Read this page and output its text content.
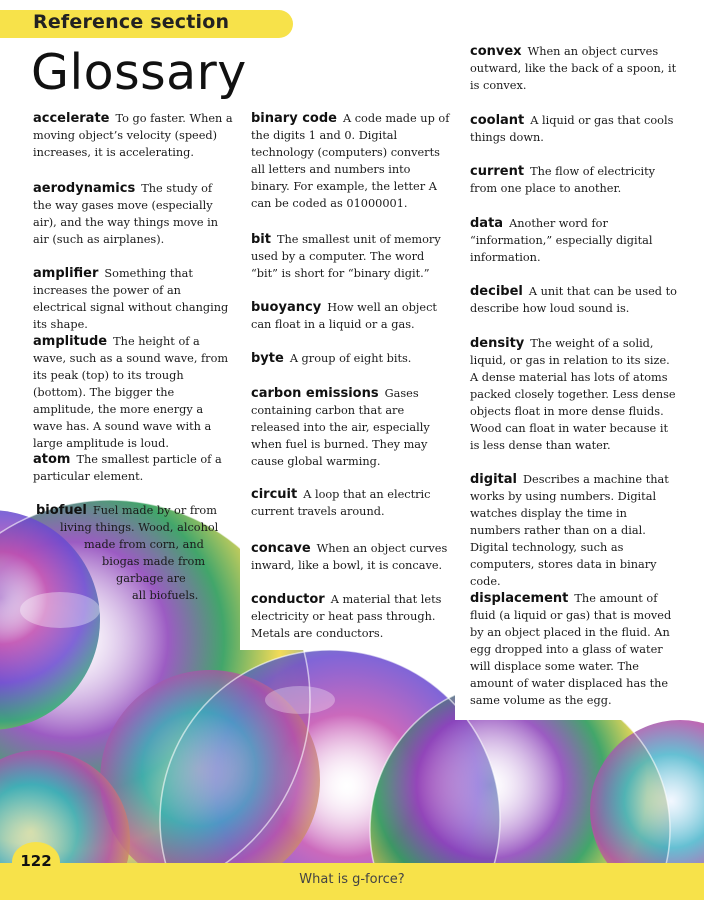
Reference section
Glossary

accelerate To go faster. When a moving object’s velocity (speed) increases, it is accelerating.

aerodynamics The study of the way gases move (especially air), and the way things move in air (such as airplanes).

amplifier Something that increases the power of an electrical signal without changing its shape.

amplitude The height of a wave, such as a sound wave, from its peak (top) to its trough (bottom). The bigger the amplitude, the more energy a wave has. A sound wave with a large amplitude is loud.

atom The smallest particle of a particular element.

biofuel Fuel made by or from
living things. Wood, alcohol
made from corn, and
biogas made from
garbage are
all biofuels.

binary code A code made up of the digits 1 and 0. Digital technology (computers) converts all letters and numbers into binary. For example, the letter A can be coded as 01000001.

bit The smallest unit of memory used by a computer. The word “bit” is short for “binary digit.”

buoyancy How well an object can float in a liquid or a gas.

byte A group of eight bits.

carbon emissions Gases containing carbon that are released into the air, especially when fuel is burned. They may cause global warming.

circuit A loop that an electric current travels around.

concave When an object curves inward, like a bowl, it is concave.

conductor A material that lets electricity or heat pass through. Metals are conductors.

convex When an object curves outward, like the back of a spoon, it is convex.

coolant A liquid or gas that cools things down.

current The flow of electricity from one place to another.

data Another word for “information,” especially digital information.

decibel A unit that can be used to describe how loud sound is.

density The weight of a solid, liquid, or gas in relation to its size. A dense material has lots of atoms packed closely together. Less dense objects float in more dense fluids. Wood can float in water because it is less dense than water.

digital Describes a machine that works by using numbers. Digital watches display the time in numbers rather than on a dial. Digital technology, such as computers, stores data in binary code.

displacement The amount of fluid (a liquid or gas) that is moved by an object placed in the fluid. An egg dropped into a glass of water will displace some water. The amount of water displaced has the same volume as the egg.

What is g-force?
122
